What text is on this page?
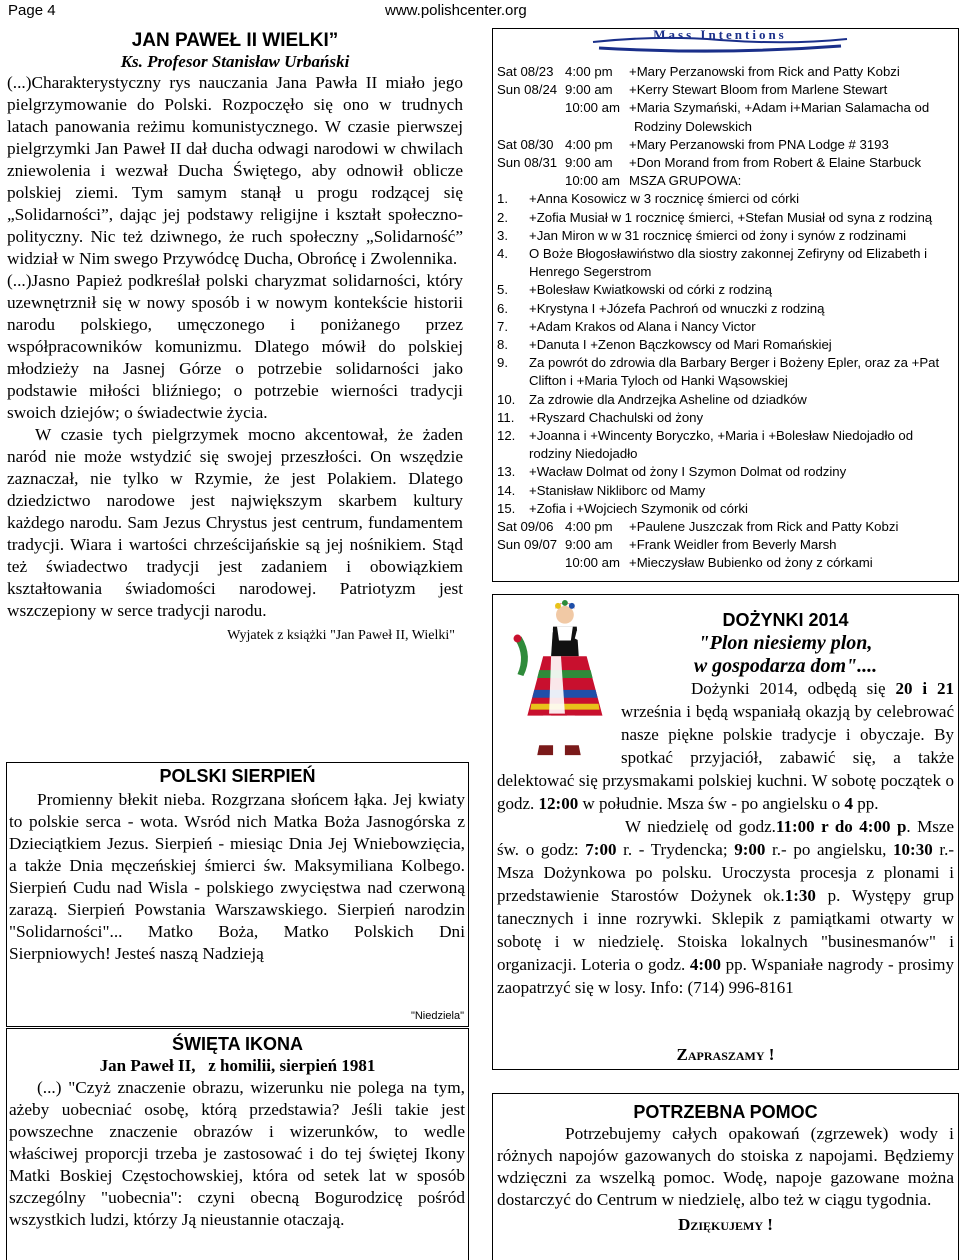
Page 4	www.polishcenter.org
JAN PAWEŁ II WIELKI”
Ks. Profesor Stanisław Urbański

(...)Charakterystyczny rys nauczania Jana Pawła II miało jego pielgrzymowanie do Polski. Rozpoczęło się ono w trudnych latach panowania reżimu komunistycznego. W czasie pierwszej pielgrzymki Jan Paweł II dał ducha odwagi narodowi w chwilach zniewolenia i wezwał Ducha Świętego, aby odnowił oblicze polskiej ziemi. Tym samym stanął u progu rodzącej się „Solidarności”, dając jej podstawy religijne i kształt społeczno-polityczny. Nic też dziwnego, że ruch społeczny „Solidarność” widział w Nim swego Przywódcę Ducha, Obrońcę i Zwolennika.

(...)Jasno Papież podkreślał polski charyzmat solidarności, który uzewnętrznił się w nowy sposób i w nowym kontekście historii narodu polskiego, umęczonego i poniżanego przez współpracowników komunizmu. Dlatego mówił do polskiej młodzieży na Jasnej Górze o potrzebie solidarności jako podstawie miłości bliźniego; o potrzebie wierności tradycji swoich dziejów; o świadectwie życia.

W czasie tych pielgrzymek mocno akcentował, że żaden naród nie może wstydzić się swojej przeszłości. On wszędzie zaznaczał, nie tylko w Rzymie, że jest Polakiem. Dlatego dziedzictwo narodowe jest największym skarbem kultury każdego narodu. Sam Jezus Chrystus jest centrum, fundamentem tradycji. Wiara i wartości chrześcijańskie są jej nośnikiem. Stąd też świadectwo tradycji jest zadaniem i obowiązkiem kształtowania świadomości narodowej. Patriotyzm jest wszczepiony w serce tradycji narodu.

Wyjatek z książki "Jan Paweł II, Wielki"
POLSKI SIERPIEŃ

Promienny błekit nieba. Rozgrzana słońcem łąka. Jej kwiaty to polskie serca - wota. Wsród nich Matka Boża Jasnogórska z Dzieciątkiem Jezus. Sierpień - miesiąc Dnia Jej Wniebowzięcia, a także Dnia męczeńskiej śmierci św. Maksymiliana Kolbego. Sierpień Cudu nad Wisla - polskiego zwycięstwa nad czerwoną zarazą. Sierpień Powstania Warszawskiego. Sierpień narodzin "Solidarności"... Matko Boża, Matko Polskich Dni Sierpniowych! Jesteś naszą Nadzieją

"Niedziela"
ŚWIĘTA IKONA
Jan Paweł II,   z homilii, sierpień 1981

(...) "Czyż znaczenie obrazu, wizerunku nie polega na tym, ażeby uobecniać osobę, którą przedstawia? Jeśli takie jest powszechne znaczenie obrazów i wizerunków, to wedle właściwej proporcji trzeba je zastosować i do tej świętej Ikony Matki Boskiej Częstochowskiej, która od setek lat w sposób szczególny "uobecnia": czyni obecną Bogurodzicę pośród wszystkich ludzi, którzy Ją nieustannie otaczają.

Mass Intentions
Sat 08/23 4:00 pm +Mary Perzanowski from Rick and Patty Kobzi
Sun 08/24 9:00 am +Kerry Stewart Bloom from Marlene Stewart
10:00 am +Maria Szymański, +Adam i+Marian Salamacha od
Rodziny Dolewskich
Sat 08/30 4:00 pm +Mary Perzanowski from PNA Lodge # 3193
Sun 08/31 9:00 am +Don Morand from from Robert & Elaine Starbuck
10:00 am MSZA GRUPOWA:
1. +Anna Kosowicz w 3 rocznicę śmierci od córki
2. +Zofia Musiał w 1 rocznicę śmierci, +Stefan Musiał od syna z rodziną
3. +Jan Miron w w 31 rocznicę śmierci od żony i synów z rodzinami
4. O Boże Błogosławiństwo dla siostry zakonnej Zefiryny od Elizabeth i
Henrego Segerstrom
5. +Bolesław Kwiatkowski od córki z rodziną
6. +Krystyna I +Józefa Pachroń od wnuczki z rodziną
7. +Adam Krakos od Alana i Nancy Victor
8. +Danuta I +Zenon Bączkowscy od Mari Romańskiej
9. Za powrót do zdrowia dla Barbary Berger i Bożeny Epler, oraz za +Pat
Clifton i +Maria Tyloch od Hanki Wąsowskiej
10. Za zdrowie dla Andrzejka Asheline od dziadków
11. +Ryszard Chachulski od żony
12. +Joanna i +Wincenty Boryczko, +Maria i +Bolesław Niedojadło od
rodziny Niedojadło
13. +Wacław Dolmat od żony I Szymon Dolmat od rodziny
14. +Stanisław Nikliborc od Mamy
15. +Zofia i +Wojciech Szymonik od córki
Sat 09/06 4:00 pm +Paulene Juszczak from Rick and Patty Kobzi
Sun 09/07 9:00 am +Frank Weidler from Beverly Marsh
10:00 am +Mieczysław Bubienko od żony z córkami
DOŻYNKI 2014
"Plon niesiemy plon,
w gospodarza dom"....

Dożynki 2014, odbędą się 20 i 21 września i będą wspaniałą okazją by celebrować nasze piękne polskie tradycje i obyczaje. By spotkać przyjaciół, zabawić się, a także delektować się przysmakami polskiej kuchni. W sobotę początek o godz. 12:00 w południe. Msza św - po angielsku o 4 pp.

W niedzielę od godz.11:00 r do 4:00 p. Msze św. o godz: 7:00 r. - Trydencka; 9:00 r.- po angielsku, 10:30 r.- Msza Dożynkowa po polsku. Uroczysta procesja z plonami i przedstawienie Starostów Dożynek ok.1:30 p. Występy grup tanecznych i inne rozrywki. Sklepik z pamiątkami otwarty w sobotę i w niedzielę. Stoiska lokalnych "businesmanów" i organizacji. Loteria o godz. 4:00 pp. Wspaniałe nagrody - prosimy zaopatrzyć się w losy. Info: (714) 996-8161

Zapraszamy !
POTRZEBNA POMOC

Potrzebujemy całych opakowań (zgrzewek) wody i różnych napojów gazowanych do stoiska z napojami. Będziemy wdzięczni za wszelką pomoc. Wodę, napoje gazowane można dostarczyć do Centrum w niedzielę, albo też w ciągu tygodnia.

Dziękujemy !
